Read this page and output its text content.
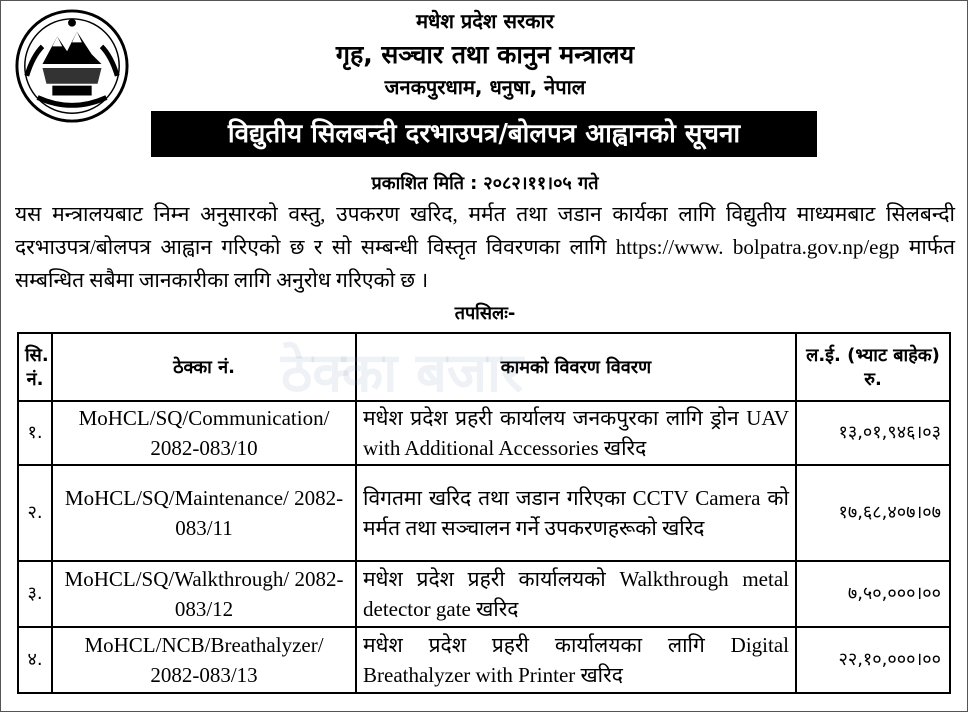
मधेश प्रदेश सरकार
गृह, सञ्चार तथा कानुन मन्त्रालय
जनकपुरधाम, धनुषा, नेपाल
विद्युतीय सिलबन्दी दरभाउपत्र/बोलपत्र आह्वानको सूचना
प्रकाशित मिति : २०८२।११।०५ गते
यस मन्त्रालयबाट निम्न अनुसारको वस्तु, उपकरण खरिद, मर्मत तथा जडान कार्यका लागि विद्युतीय माध्यमबाट सिलबन्दी दरभाउपत्र/बोलपत्र आह्वान गरिएको छ र सो सम्बन्धी विस्तृत विवरणका लागि https://www. bolpatra.gov.np/egp मार्फत सम्बन्धित सबैमा जानकारीका लागि अनुरोध गरिएको छ ।
तपसिलः-
सि. नं.	ठेक्का नं.	कामको विवरण विवरण	ल.ई. (भ्याट बाहेक) रु.
१.	MoHCL/SQ/Communication/ 2082-083/10	मधेश प्रदेश प्रहरी कार्यालय जनकपुरका लागि ड्रोन UAV with Additional Accessories खरिद	१३,०१,९४६।०३
२.	MoHCL/SQ/Maintenance/ 2082-083/11	विगतमा खरिद तथा जडान गरिएका CCTV Camera को मर्मत तथा सञ्चालन गर्ने उपकरणहरूको खरिद	१७,६८,४०७।०७
३.	MoHCL/SQ/Walkthrough/ 2082-083/12	मधेश प्रदेश प्रहरी कार्यालयको Walkthrough metal detector gate खरिद	७,५०,०००।००
४.	MoHCL/NCB/Breathalyzer/ 2082-083/13	मधेश प्रदेश प्रहरी कार्यालयका लागि Digital Breathalyzer with Printer खरिद	२२,१०,०००।००
ठेक्का बजार
